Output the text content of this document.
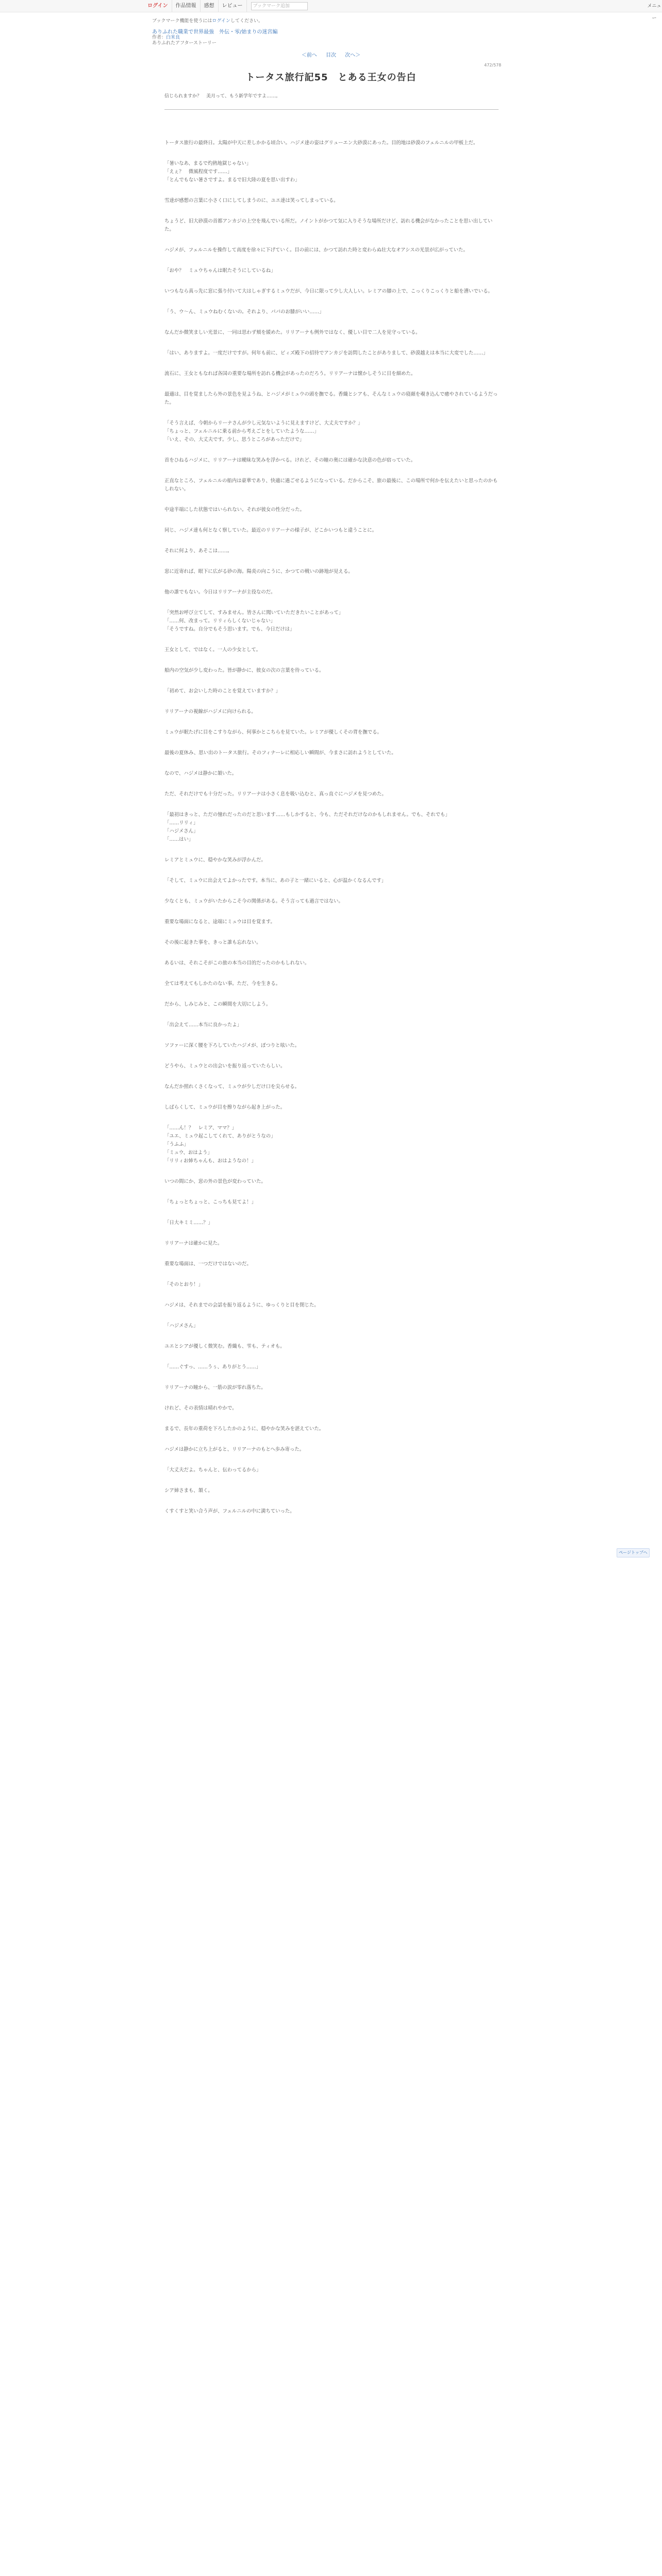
ログイン	作品情報	感想	レビュー	ブックマーク追加	メニュー
ブックマーク機能を使うにはログインしてください。
ありふれた職業で世界最強　外伝・零/始まりの迷宮編
作者：白米良
ありふれたアフターストーリー
＜前へ 目次 次へ＞
472/578
トータス旅行記55　とある王女の告白
信じられますか？　美月って、もう新学年ですよ……。

トータス旅行の最終日。太陽が中天に差しかかる頃合い。ハジメ達の姿はグリューエン大砂漠にあった。目的地は砂漠のフェルニルの甲板上だ。

「暑いなあ、まるで灼熱地獄じゃない」
「えぇ？　微風程度です……」
「とんでもない暑さですよ。まるで旧大陸の夏を思い出すわ」

雪達が感想の言葉に小さく口にしてしまうのに、ユエ達は笑ってしまっている。

ちょうど、旧大砂漠の首都アンカジの上空を飛んでいる所だ。ノイントがかつて気に入りそうな場所だけど、訪れる機会がなかったことを思い出していた。

ハジメが、フェルニルを操作して高度を徐々に下げていく。目の前には、かつて訪れた時と変わらぬ壮大なオアシスの光景が広がっていた。

「おや？　ミュウちゃんは眠たそうにしているね」

いつもなら真っ先に窓に張り付いて大はしゃぎするミュウだが、今日に限って少し大人しい。レミアの膝の上で、こっくりこっくりと船を漕いでいる。

「う、ウ～ん、ミュウねむくないの。それより、パパのお膝がいい……」

なんだか微笑ましい光景に、一同は思わず頬を緩めた。リリアーナも例外ではなく、優しい目で二人を見守っている。

「はい、ありますよ。一度だけですが。何年も前に、ビィズ殿下の招待でアンカジを訪問したことがありまして、砂漠越えは本当に大変でした……」

流石に、王女ともなれば各国の重要な場所を訪れる機会があったのだろう。リリアーナは懐かしそうに目を細めた。

最適は、目を覚ましたら外の景色を見ようね、とハジメがミュウの頭を撫でる。香織とシアも、そんなミュウの寝顔を覗き込んで癒やされているようだった。

「そう言えば、今朝からリーナさんが少し元気ないように見えますけど、大丈夫ですか？」
「ちょっと、フェルニルに乗る前から考えごとをしていたような……」
「いえ、その、大丈夫です。少し、思うところがあっただけで」

首をひねるハジメに、リリアーナは曖昧な笑みを浮かべる。けれど、その瞳の奥には確かな決意の色が宿っていた。

正直なところ、フェルニルの船内は豪華であり、快適に過ごせるようになっている。だからこそ、旅の最後に、この場所で何かを伝えたいと思ったのかもしれない。

中途半端にした状態ではいられない。それが彼女の性分だった。

同じ、ハジメ達も何となく察していた。最近のリリアーナの様子が、どこかいつもと違うことに。

それに何より、あそこは……。

窓に近寄れば、眼下に広がる砂の海。陽炎の向こうに、かつての戦いの跡地が見える。

他の誰でもない。今日はリリアーナが主役なのだ。

「突然お呼び立てして、すみません。皆さんに聞いていただきたいことがあって」
「……何、改まって。リリィらしくないじゃない」
「そうですね。自分でもそう思います。でも、今日だけは」

王女として、ではなく。一人の少女として。

船内の空気が少し変わった。皆が静かに、彼女の次の言葉を待っている。

「初めて、お会いした時のことを覚えていますか？」

リリアーナの視線がハジメに向けられる。

ミュウが眠たげに目をこすりながら、何事かとこちらを見ていた。レミアが優しくその背を撫でる。

最後の夏休み、思い出のトータス旅行。そのフィナーレに相応しい瞬間が、今まさに訪れようとしていた。

なので、ハジメは静かに頷いた。

ただ、それだけでも十分だった。リリアーナは小さく息を吸い込むと、真っ直ぐにハジメを見つめた。

「最初はきっと、ただの憧れだったのだと思います……もしかすると、今も、ただそれだけなのかもしれません。でも、それでも」
「……リリィ」
「ハジメさん」
「……はい」

レミアとミュウに、穏やかな笑みが浮かんだ。

「そして、ミュウに出会えてよかったです。本当に、あの子と一緒にいると、心が温かくなるんです」

少なくとも、ミュウがいたからこそ今の関係がある。そう言っても過言ではない。

重要な場面になると、途端にミュウは目を覚ます。

その後に起きた事を、きっと誰も忘れない。

あるいは、それこそがこの旅の本当の目的だったのかもしれない。

全ては考えてもしかたのない事。ただ、今を生きる。

だから、しみじみと、この瞬間を大切にしよう。

「出会えて……本当に良かったよ」

ソファーに深く腰を下ろしていたハジメが、ぽつりと呟いた。

どうやら、ミュウとの出会いを振り返っていたらしい。

なんだか照れくさくなって、ミュウが少しだけ口を尖らせる。

しばらくして、ミュウが目を擦りながら起き上がった。

「……ん！？　レミア、ママ？」
「ユエ、ミュウ起こしてくれて、ありがとうなの」
「うふふ」
「ミュウ、おはよう」
「リリィお姉ちゃんも、おはようなの！」

いつの間にか、窓の外の景色が変わっていた。

「ちょっとちょっと、こっちも見てよ！」

「日大キミミ……？」

リリアーナは確かに見た。

重要な場面は、一つだけではないのだ。

「そのとおり！」

ハジメは、それまでの会話を振り返るように、ゆっくりと目を閉じた。

「ハジメさん」

ユエとシアが優しく微笑む。香織も、雫も、ティオも。

「……ぐすっ、……うぅ、ありがとう……」

リリアーナの瞳から、一筋の涙が零れ落ちた。

けれど、その表情は晴れやかで。

まるで、長年の重荷を下ろしたかのように、穏やかな笑みを湛えていた。

ハジメは静かに立ち上がると、リリアーナのもとへ歩み寄った。

「大丈夫だよ。ちゃんと、伝わってるから」

シア姉さまも、頷く。

くすくすと笑い合う声が、フェルニルの中に満ちていった。

ページトップへ
